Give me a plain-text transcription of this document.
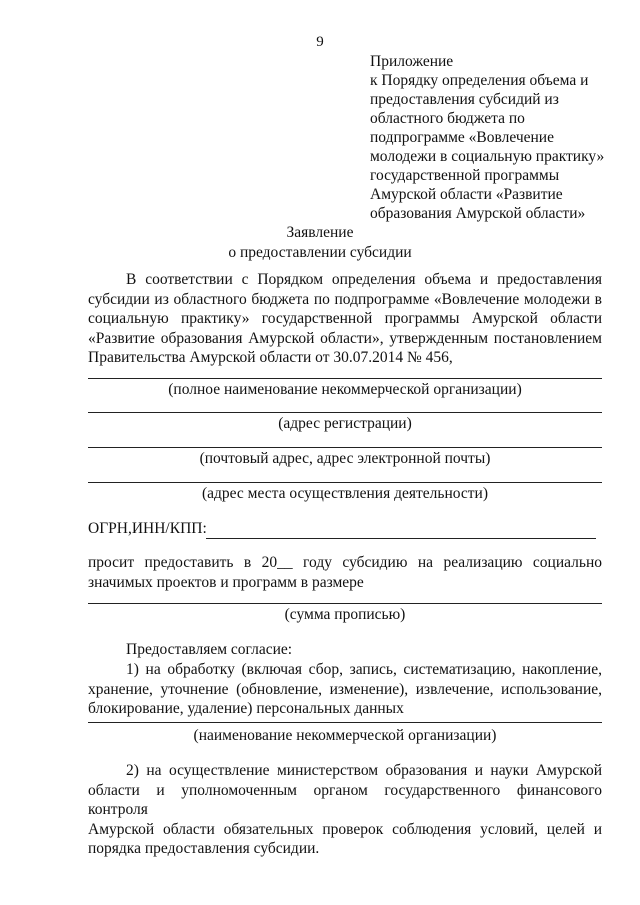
9
Приложение
к Порядку определения объема и
предоставления субсидий из
областного бюджета по
подпрограмме «Вовлечение
молодежи в социальную практику»
государственной программы
Амурской области «Развитие
образования Амурской области»
Заявление
о предоставлении субсидии
В соответствии с Порядком определения объема и предоставления
субсидии из областного бюджета по подпрограмме «Вовлечение молодежи в
социальную практику» государственной программы Амурской области
«Развитие образования Амурской области», утвержденным постановлением
Правительства Амурской области от 30.07.2014 № 456,
(полное наименование некоммерческой организации)
(адрес регистрации)
(почтовый адрес, адрес электронной почты)
(адрес места осуществления деятельности)
ОГРН,ИНН/КПП:
просит предоставить в 20__ году субсидию на реализацию социально
значимых проектов и программ в размере
(сумма прописью)
Предоставляем согласие:
1) на обработку (включая сбор, запись, систематизацию, накопление,
хранение, уточнение (обновление, изменение), извлечение, использование,
блокирование, удаление) персональных данных
(наименование некоммерческой организации)
2) на осуществление министерством образования и науки Амурской
области и уполномоченным органом государственного финансового контроля
Амурской области обязательных проверок соблюдения условий, целей и
порядка предоставления субсидии.
